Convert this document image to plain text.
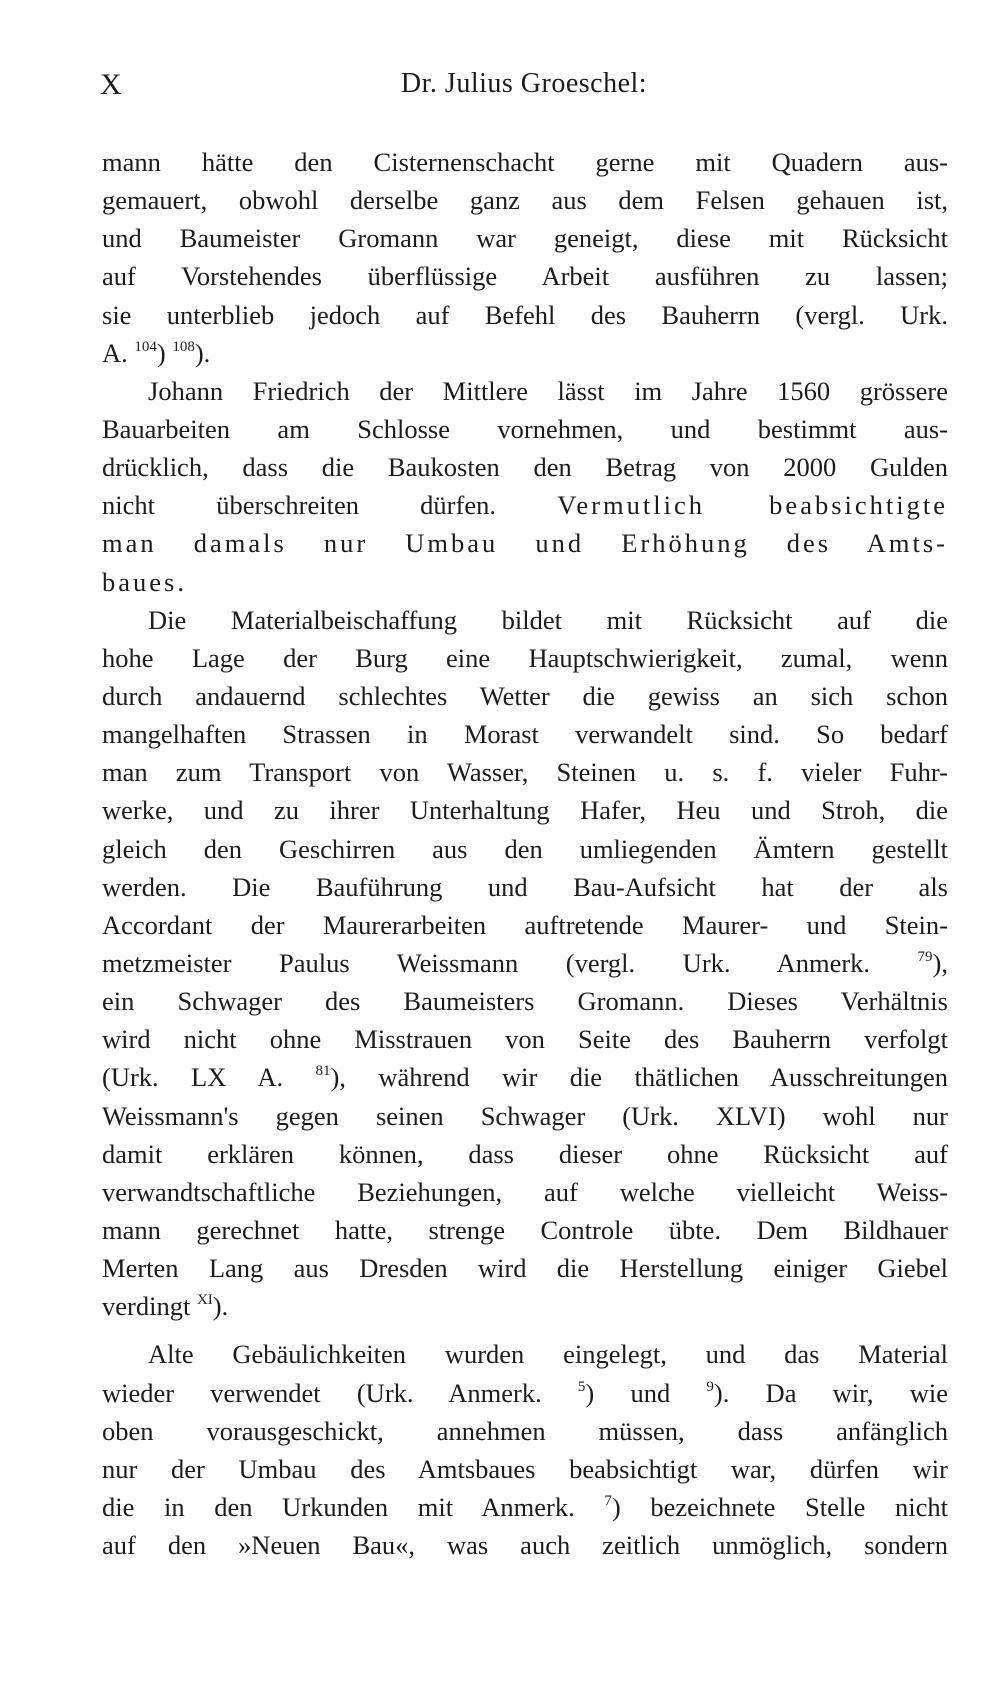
X	Dr. Julius Groeschel:
mann hätte den Cisternenschacht gerne mit Quadern aus-
gemauert, obwohl derselbe ganz aus dem Felsen gehauen ist,
und Baumeister Gromann war geneigt, diese mit Rücksicht
auf Vorstehendes überflüssige Arbeit ausführen zu lassen;
sie unterblieb jedoch auf Befehl des Bauherrn (vergl. Urk.
A. $^{104}$) $^{108}$).
Johann Friedrich der Mittlere lässt im Jahre 1560 grössere
Bauarbeiten am Schlosse vornehmen, und bestimmt aus-
drücklich, dass die Baukosten den Betrag von 2000 Gulden
nicht überschreiten dürfen. Vermutlich beabsichtigte
man damals nur Umbau und Erhöhung des Amts-
baues.
Die Materialbeischaffung bildet mit Rücksicht auf die
hohe Lage der Burg eine Hauptschwierigkeit, zumal, wenn
durch andauernd schlechtes Wetter die gewiss an sich schon
mangelhaften Strassen in Morast verwandelt sind. So bedarf
man zum Transport von Wasser, Steinen u. s. f. vieler Fuhr-
werke, und zu ihrer Unterhaltung Hafer, Heu und Stroh, die
gleich den Geschirren aus den umliegenden Ämtern gestellt
werden. Die Bauführung und Bau-Aufsicht hat der als
Accordant der Maurerarbeiten auftretende Maurer- und Stein-
metzmeister Paulus Weissmann (vergl. Urk. Anmerk. $^{79}$),
ein Schwager des Baumeisters Gromann. Dieses Verhältnis
wird nicht ohne Misstrauen von Seite des Bauherrn verfolgt
(Urk. LX A. $^{81}$), während wir die thätlichen Ausschreitungen
Weissmann's gegen seinen Schwager (Urk. XLVI) wohl nur
damit erklären können, dass dieser ohne Rücksicht auf
verwandtschaftliche Beziehungen, auf welche vielleicht Weiss-
mann gerechnet hatte, strenge Controle übte. Dem Bildhauer
Merten Lang aus Dresden wird die Herstellung einiger Giebel
verdingt $^{XI}$).
Alte Gebäulichkeiten wurden eingelegt, und das Material
wieder verwendet (Urk. Anmerk. $^5$) und $^9$). Da wir, wie
oben vorausgeschickt, annehmen müssen, dass anfänglich
nur der Umbau des Amtsbaues beabsichtigt war, dürfen wir
die in den Urkunden mit Anmerk. $^7$) bezeichnete Stelle nicht
auf den »Neuen Bau«, was auch zeitlich unmöglich, sondern
